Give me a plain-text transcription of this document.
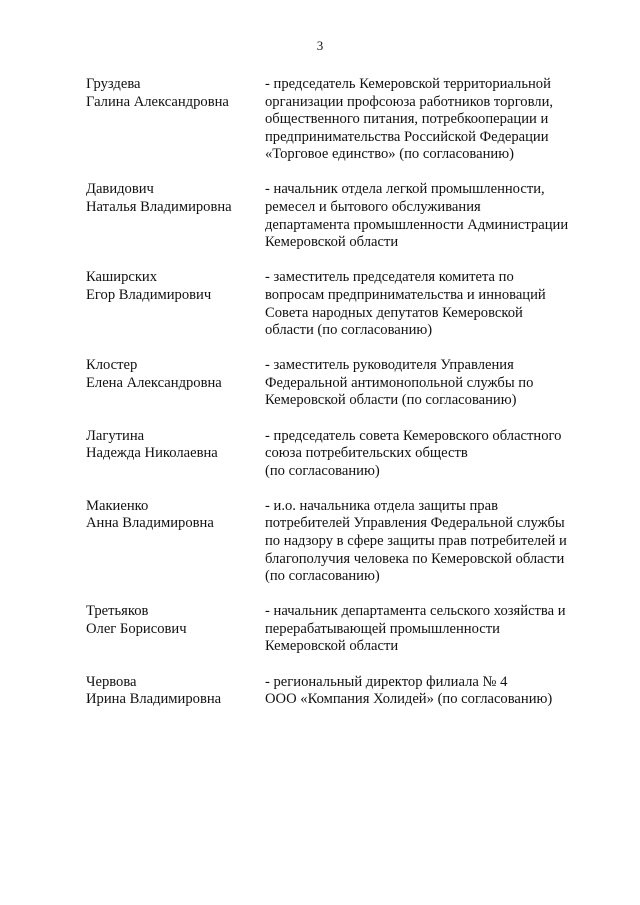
3
Груздева
Галина Александровна
- председатель Кемеровской территориальной
организации профсоюза работников торговли,
общественного питания, потребкооперации и
предпринимательства Российской Федерации
«Торговое единство» (по согласованию)
Давидович
Наталья Владимировна
- начальник отдела легкой промышленности,
ремесел и бытового обслуживания
департамента промышленности Администрации
Кемеровской области
Каширских
Егор Владимирович
- заместитель председателя комитета по
вопросам предпринимательства и инноваций
Совета народных депутатов Кемеровской
области (по согласованию)
Клостер
Елена Александровна
- заместитель руководителя Управления
Федеральной антимонопольной службы по
Кемеровской области (по согласованию)
Лагутина
Надежда Николаевна
- председатель совета Кемеровского областного
союза потребительских обществ
(по согласованию)
Макиенко
Анна Владимировна
- и.о. начальника отдела защиты прав
потребителей Управления Федеральной службы
по надзору в сфере защиты прав потребителей и
благополучия человека по Кемеровской области
(по согласованию)
Третьяков
Олег Борисович
- начальник департамента сельского хозяйства и
перерабатывающей промышленности
Кемеровской области
Червова
Ирина Владимировна
- региональный директор филиала № 4
ООО «Компания Холидей» (по согласованию)
